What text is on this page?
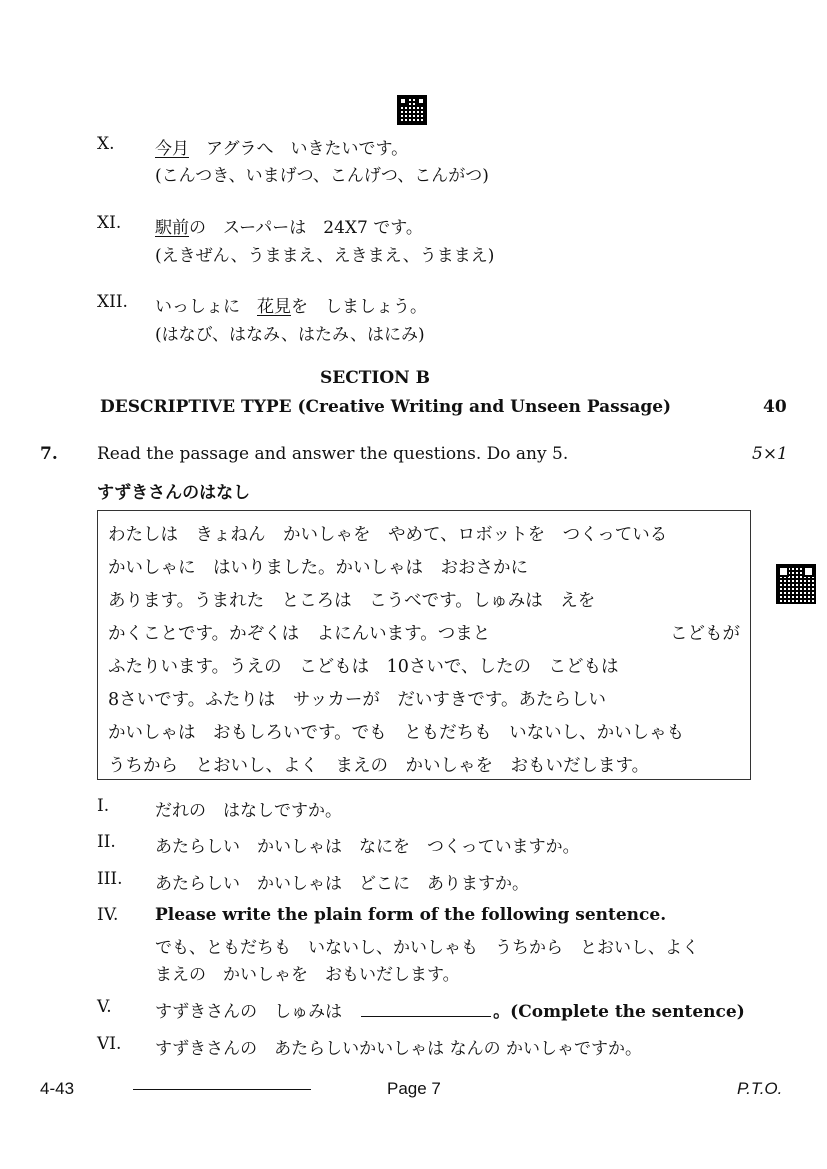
X. 今月　アグラへ　いきたいです。
(こんつき、いまげつ、こんげつ、こんがつ)
XI. 駅前の　スーパーは　24X7 です。
(えきぜん、うままえ、えきまえ、うままえ)
XII. いっしょに　花見を　しましょう。
(はなび、はなみ、はたみ、はにみ)
SECTION B
DESCRIPTIVE TYPE (Creative Writing and Unseen Passage)	40
7. Read the passage and answer the questions. Do any 5.	5×1
すずきさんのはなし
わたしは　きょねん　かいしゃを　やめて、ロボットを　つくっている
かいしゃに　はいりました。かいしゃは　おおさかに
あります。うまれた　ところは　こうべです。しゅみは　えを
かくことです。かぞくは　よにんいます。つまと	こどもが
ふたりいます。うえの　こどもは　10さいで、したの　こどもは
8さいです。ふたりは　サッカーが　だいすきです。あたらしい
かいしゃは　おもしろいです。でも　ともだちも　いないし、かいしゃも
うちから　とおいし、よく　まえの　かいしゃを　おもいだします。
I.	だれの　はなしですか。
II. あたらしい　かいしゃは　なにを　つくっていますか。
III. あたらしい　かいしゃは　どこに　ありますか。
IV. Please write the plain form of the following sentence.
でも、ともだちも　いないし、かいしゃも　うちから　とおいし、よく
まえの　かいしゃを　おもいだします。
V.	すずきさんの　しゅみは　	。(Complete the sentence)
VI. すずきさんの　あたらしいかいしゃは なんの かいしゃですか。
4-43	Page 7	P.T.O.
